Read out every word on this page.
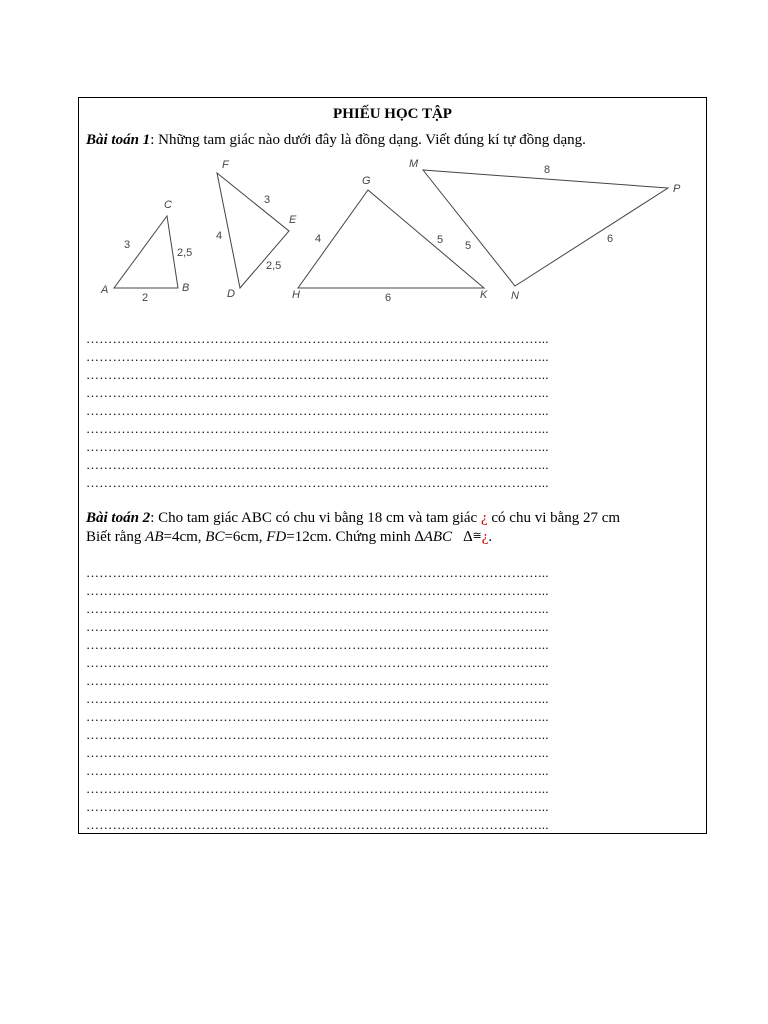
PHIẾU HỌC TẬP
Bài toán 1: Những tam giác nào dưới đây là đồng dạng. Viết đúng kí tự đồng dạng.
A	B
C
2
2,5
3
D
E
F
2,5
3
4
H	K
G
6
5
4
M
P
N
8
6
5
…………………………………………………………………………………………...
…………………………………………………………………………………………...
…………………………………………………………………………………………...
…………………………………………………………………………………………...
…………………………………………………………………………………………...
…………………………………………………………………………………………...
…………………………………………………………………………………………...
…………………………………………………………………………………………...
…………………………………………………………………………………………...
Bài toán 2: Cho tam giác ABC có chu vi bằng 18 cm và tam giác ¿ có chu vi bằng 27 cm
Biết rằng AB=4cm, BC=6cm, FD=12cm. Chứng minh ∆ABC ∆≅¿.
…………………………………………………………………………………………...
…………………………………………………………………………………………...
…………………………………………………………………………………………...
…………………………………………………………………………………………...
…………………………………………………………………………………………...
…………………………………………………………………………………………...
…………………………………………………………………………………………...
…………………………………………………………………………………………...
…………………………………………………………………………………………...
…………………………………………………………………………………………...
…………………………………………………………………………………………...
…………………………………………………………………………………………...
…………………………………………………………………………………………...
…………………………………………………………………………………………...
…………………………………………………………………………………………...
